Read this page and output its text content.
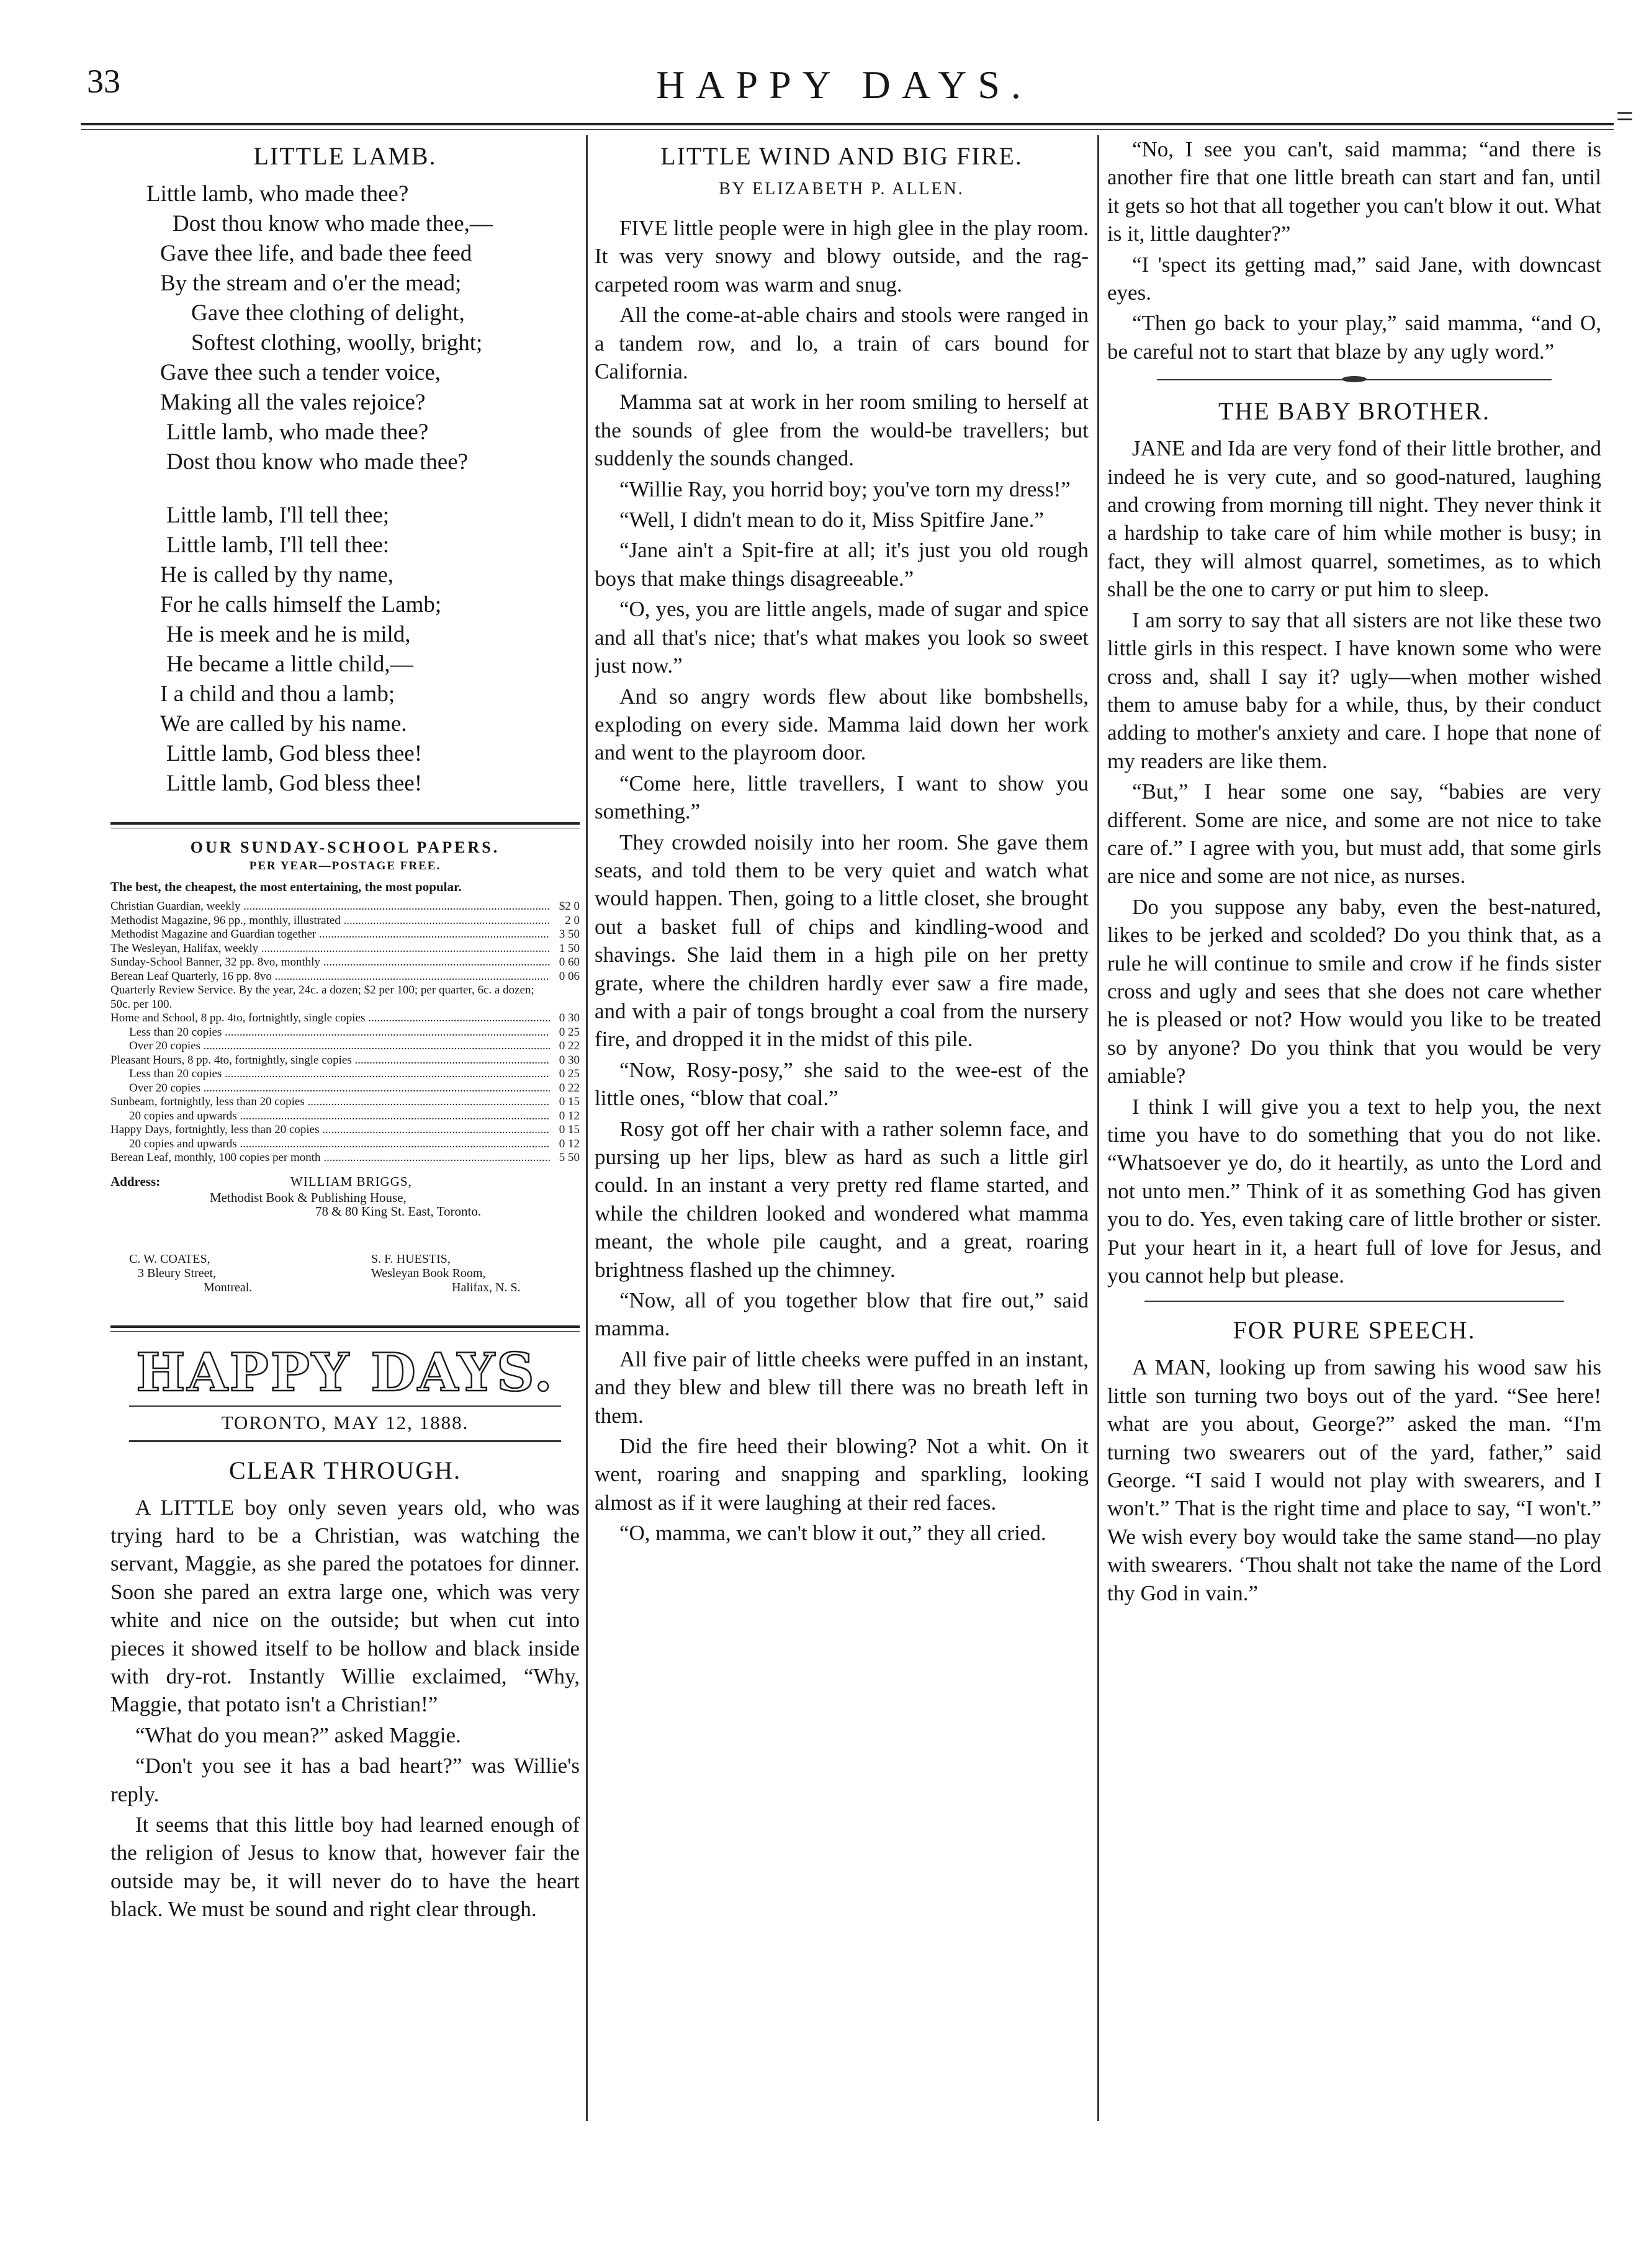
33	HAPPY DAYS.
=
LITTLE LAMB.
Little lamb, who made thee?
Dost thou know who made thee,—
Gave thee life, and bade thee feed
By the stream and o'er the mead;
Gave thee clothing of delight,
Softest clothing, woolly, bright;
Gave thee such a tender voice,
Making all the vales rejoice?
Little lamb, who made thee?
Dost thou know who made thee?
Little lamb, I'll tell thee;
Little lamb, I'll tell thee:
He is called by thy name,
For he calls himself the Lamb;
He is meek and he is mild,
He became a little child,—
I a child and thou a lamb;
We are called by his name.
Little lamb, God bless thee!
Little lamb, God bless thee!
OUR SUNDAY-SCHOOL PAPERS.
PER YEAR—POSTAGE FREE.
The best, the cheapest, the most entertaining, the most popular.
Christian Guardian, weekly .....	$2 0
Methodist Magazine, 96 pp., monthly, illustrated .....	2 0
Methodist Magazine and Guardian together .....	3 50
The Wesleyan, Halifax, weekly .....	1 50
Sunday-School Banner, 32 pp. 8vo, monthly .....	0 60
Berean Leaf Quarterly, 16 pp. 8vo .....	0 06
Quarterly Review Service. By the year, 24c. a dozen; $2 per 100; per quarter, 6c. a dozen; 50c. per 100.
Home and School, 8 pp. 4to, fortnightly, single copies .....	0 30
Less than 20 copies .....	0 25
Over 20 copies .....	0 22
Pleasant Hours, 8 pp. 4to, fortnightly, single copies .....	0 30
Less than 20 copies .....	0 25
Over 20 copies .....	0 22
Sunbeam, fortnightly, less than 20 copies .....	0 15
20 copies and upwards .....	0 12
Happy Days, fortnightly, less than 20 copies .....	0 15
20 copies and upwards .....	0 12
Berean Leaf, monthly, 100 copies per month .....	5 50
Address:	WILLIAM BRIGGS,
Methodist Book & Publishing House,
78 & 80 King St. East, Toronto.
C. W. COATES,
3 Bleury Street,
Montreal.
S. F. HUESTIS,
Wesleyan Book Room,
Halifax, N. S.
HAPPY DAYS.
TORONTO, MAY 12, 1888.
CLEAR THROUGH.

A LITTLE boy only seven years old, who was trying hard to be a Christian, was watching the servant, Maggie, as she pared the potatoes for dinner. Soon she pared an extra large one, which was very white and nice on the outside; but when cut into pieces it showed itself to be hollow and black inside with dry-rot. Instantly Willie exclaimed, “Why, Maggie, that potato isn't a Christian!”

“What do you mean?” asked Maggie.

“Don't you see it has a bad heart?” was Willie's reply.

It seems that this little boy had learned enough of the religion of Jesus to know that, however fair the outside may be, it will never do to have the heart black. We must be sound and right clear through.

LITTLE WIND AND BIG FIRE.
BY ELIZABETH P. ALLEN.

FIVE little people were in high glee in the play room. It was very snowy and blowy outside, and the rag-carpeted room was warm and snug.

All the come-at-able chairs and stools were ranged in a tandem row, and lo, a train of cars bound for California.

Mamma sat at work in her room smiling to herself at the sounds of glee from the would-be travellers; but suddenly the sounds changed.

“Willie Ray, you horrid boy; you've torn my dress!”

“Well, I didn't mean to do it, Miss Spitfire Jane.”

“Jane ain't a Spit-fire at all; it's just you old rough boys that make things disagreeable.”

“O, yes, you are little angels, made of sugar and spice and all that's nice; that's what makes you look so sweet just now.”

And so angry words flew about like bombshells, exploding on every side. Mamma laid down her work and went to the playroom door.

“Come here, little travellers, I want to show you something.”

They crowded noisily into her room. She gave them seats, and told them to be very quiet and watch what would happen. Then, going to a little closet, she brought out a basket full of chips and kindling-wood and shavings. She laid them in a high pile on her pretty grate, where the children hardly ever saw a fire made, and with a pair of tongs brought a coal from the nursery fire, and dropped it in the midst of this pile.

“Now, Rosy-posy,” she said to the wee-est of the little ones, “blow that coal.”

Rosy got off her chair with a rather solemn face, and pursing up her lips, blew as hard as such a little girl could. In an instant a very pretty red flame started, and while the children looked and wondered what mamma meant, the whole pile caught, and a great, roaring brightness flashed up the chimney.

“Now, all of you together blow that fire out,” said mamma.

All five pair of little cheeks were puffed in an instant, and they blew and blew till there was no breath left in them.

Did the fire heed their blowing? Not a whit. On it went, roaring and snapping and sparkling, looking almost as if it were laughing at their red faces.

“O, mamma, we can't blow it out,” they all cried.

“No, I see you can't, said mamma; “and there is another fire that one little breath can start and fan, until it gets so hot that all together you can't blow it out. What is it, little daughter?”

“I 'spect its getting mad,” said Jane, with downcast eyes.

“Then go back to your play,” said mamma, “and O, be careful not to start that blaze by any ugly word.”

THE BABY BROTHER.

JANE and Ida are very fond of their little brother, and indeed he is very cute, and so good-natured, laughing and crowing from morning till night. They never think it a hardship to take care of him while mother is busy; in fact, they will almost quarrel, sometimes, as to which shall be the one to carry or put him to sleep.

I am sorry to say that all sisters are not like these two little girls in this respect. I have known some who were cross and, shall I say it? ugly—when mother wished them to amuse baby for a while, thus, by their conduct adding to mother's anxiety and care. I hope that none of my readers are like them.

“But,” I hear some one say, “babies are very different. Some are nice, and some are not nice to take care of.” I agree with you, but must add, that some girls are nice and some are not nice, as nurses.

Do you suppose any baby, even the best-natured, likes to be jerked and scolded? Do you think that, as a rule he will continue to smile and crow if he finds sister cross and ugly and sees that she does not care whether he is pleased or not? How would you like to be treated so by anyone? Do you think that you would be very amiable?

I think I will give you a text to help you, the next time you have to do something that you do not like. “Whatsoever ye do, do it heartily, as unto the Lord and not unto men.” Think of it as something God has given you to do. Yes, even taking care of little brother or sister. Put your heart in it, a heart full of love for Jesus, and you cannot help but please.

FOR PURE SPEECH.

A MAN, looking up from sawing his wood saw his little son turning two boys out of the yard. “See here! what are you about, George?” asked the man. “I'm turning two swearers out of the yard, father,” said George. “I said I would not play with swearers, and I won't.” That is the right time and place to say, “I won't.” We wish every boy would take the same stand—no play with swearers. ‘Thou shalt not take the name of the Lord thy God in vain.”
